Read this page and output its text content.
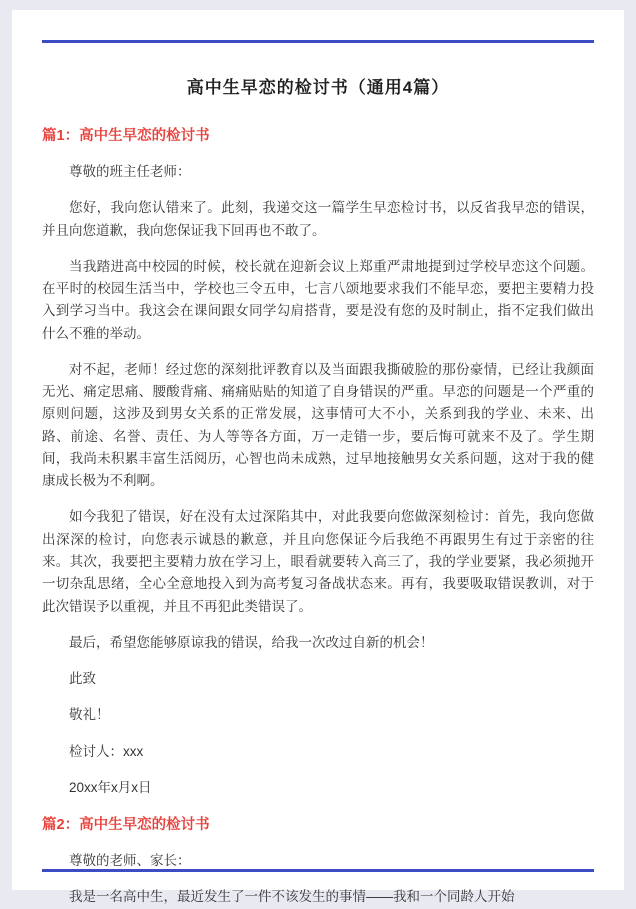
高中生早恋的检讨书（通用4篇）
篇1：高中生早恋的检讨书

尊敬的班主任老师：

您好，我向您认错来了。此刻，我递交这一篇学生早恋检讨书，以反省我早恋的错误，并且向您道歉，我向您保证我下回再也不敢了。

当我踏进高中校园的时候，校长就在迎新会议上郑重严肃地提到过学校早恋这个问题。在平时的校园生活当中，学校也三令五申，七言八颂地要求我们不能早恋，要把主要精力投入到学习当中。我这会在课间跟女同学勾肩搭背，要是没有您的及时制止，指不定我们做出什么不雅的举动。

对不起，老师！经过您的深刻批评教育以及当面跟我撕破脸的那份豪情，已经让我颜面无光、痛定思痛、腰酸背痛、痛痛贴贴的知道了自身错误的严重。早恋的问题是一个严重的原则问题，这涉及到男女关系的正常发展，这事情可大不小，关系到我的学业、未来、出路、前途、名誉、责任、为人等等各方面，万一走错一步，要后悔可就来不及了。学生期间，我尚未积累丰富生活阅历，心智也尚未成熟，过早地接触男女关系问题，这对于我的健康成长极为不利啊。

如今我犯了错误，好在没有太过深陷其中，对此我要向您做深刻检讨：首先，我向您做出深深的检讨，向您表示诚恳的歉意，并且向您保证今后我绝不再跟男生有过于亲密的往来。其次，我要把主要精力放在学习上，眼看就要转入高三了，我的学业要紧，我必须抛开一切杂乱思绪，全心全意地投入到为高考复习备战状态来。再有，我要吸取错误教训，对于此次错误予以重视，并且不再犯此类错误了。

最后，希望您能够原谅我的错误，给我一次改过自新的机会！

此致

敬礼！

检讨人：xxx

20xx年x月x日

篇2：高中生早恋的检讨书

尊敬的老师、家长：

我是一名高中生，最近发生了一件不该发生的事情——我和一个同龄人开始
